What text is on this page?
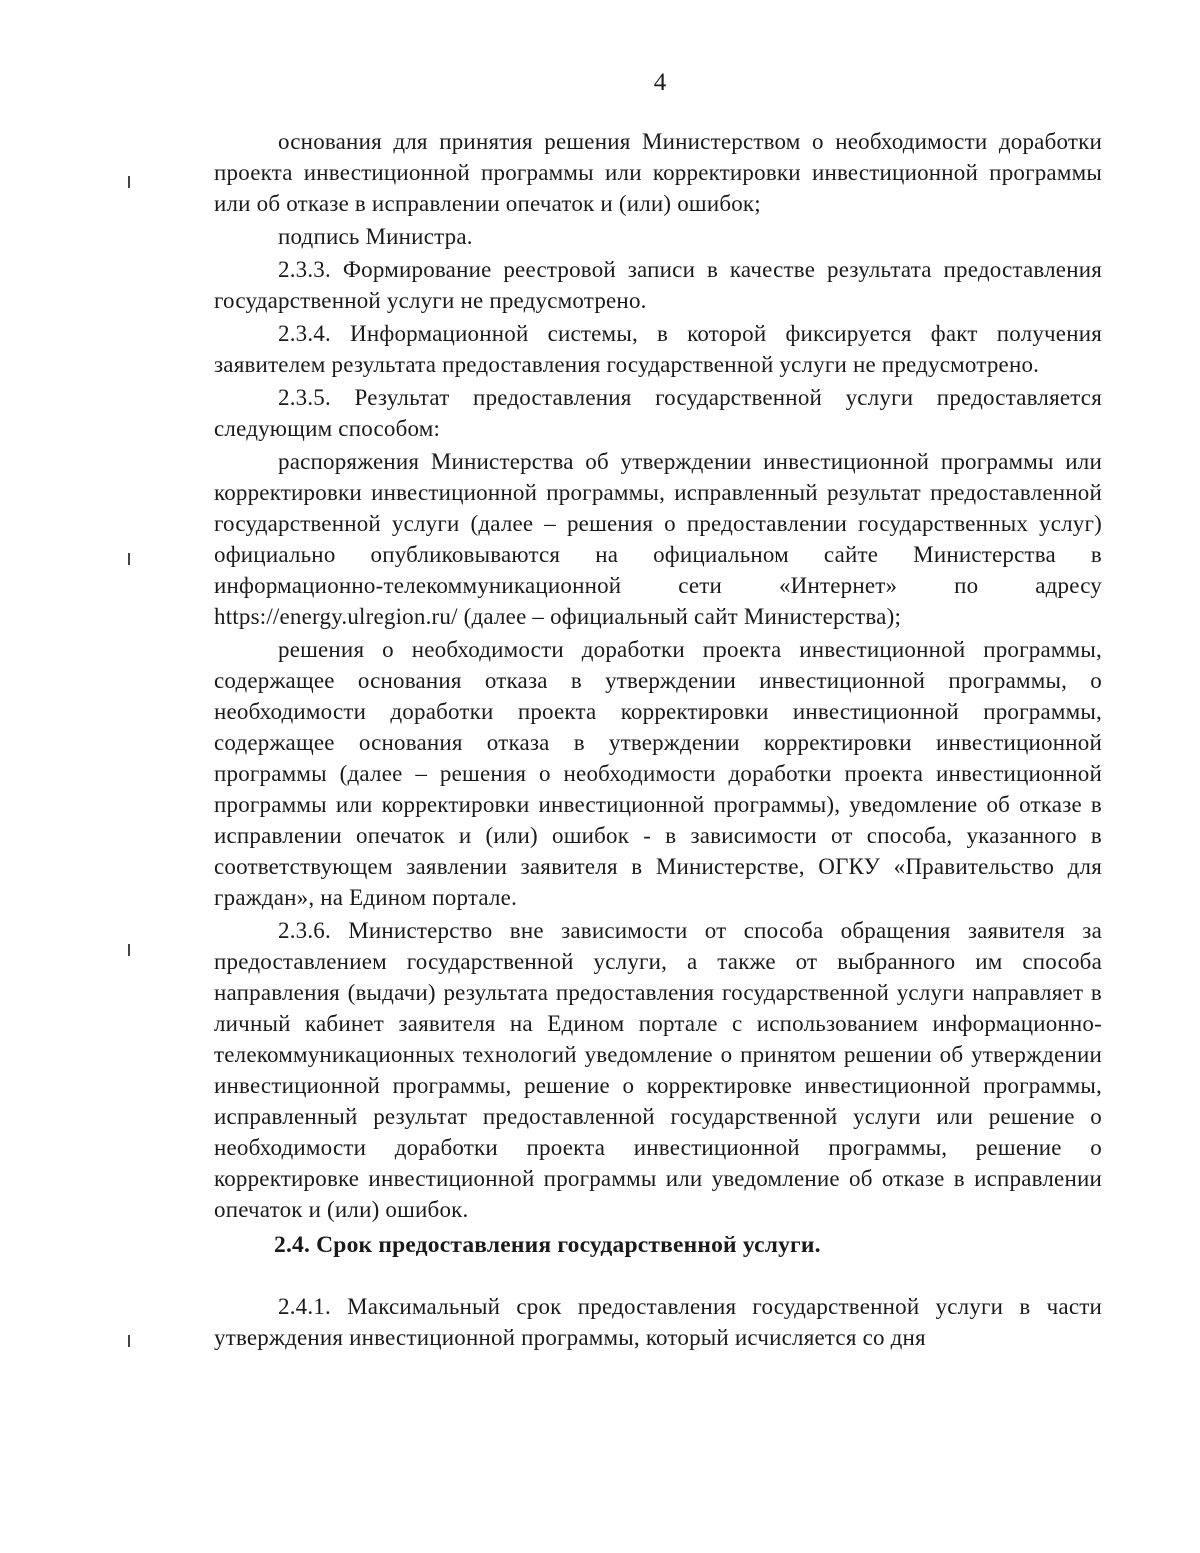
4

основания для принятия решения Министерством о необходимости доработки проекта инвестиционной программы или корректировки инвестиционной программы или об отказе в исправлении опечаток и (или) ошибок;

подпись Министра.

2.3.3. Формирование реестровой записи в качестве результата предоставления государственной услуги не предусмотрено.

2.3.4. Информационной системы, в которой фиксируется факт получения заявителем результата предоставления государственной услуги не предусмотрено.

2.3.5. Результат предоставления государственной услуги предоставляется следующим способом:

распоряжения Министерства об утверждении инвестиционной программы или корректировки инвестиционной программы, исправленный результат предоставленной государственной услуги (далее – решения о предоставлении государственных услуг) официально опубликовываются на официальном сайте Министерства в информационно-телекоммуникационной сети «Интернет» по адресу https://energy.ulregion.ru/ (далее – официальный сайт Министерства);

решения о необходимости доработки проекта инвестиционной программы, содержащее основания отказа в утверждении инвестиционной программы, о необходимости доработки проекта корректировки инвестиционной программы, содержащее основания отказа в утверждении корректировки инвестиционной программы (далее – решения о необходимости доработки проекта инвестиционной программы или корректировки инвестиционной программы), уведомление об отказе в исправлении опечаток и (или) ошибок - в зависимости от способа, указанного в соответствующем заявлении заявителя в Министерстве, ОГКУ «Правительство для граждан», на Едином портале.

2.3.6. Министерство вне зависимости от способа обращения заявителя за предоставлением государственной услуги, а также от выбранного им способа направления (выдачи) результата предоставления государственной услуги направляет в личный кабинет заявителя на Едином портале с использованием информационно-телекоммуникационных технологий уведомление о принятом решении об утверждении инвестиционной программы, решение о корректировке инвестиционной программы, исправленный результат предоставленной государственной услуги или решение о необходимости доработки проекта инвестиционной программы, решение о корректировке инвестиционной программы или уведомление об отказе в исправлении опечаток и (или) ошибок.

2.4. Срок предоставления государственной услуги.

2.4.1. Максимальный срок предоставления государственной услуги в части утверждения инвестиционной программы, который исчисляется со дня
